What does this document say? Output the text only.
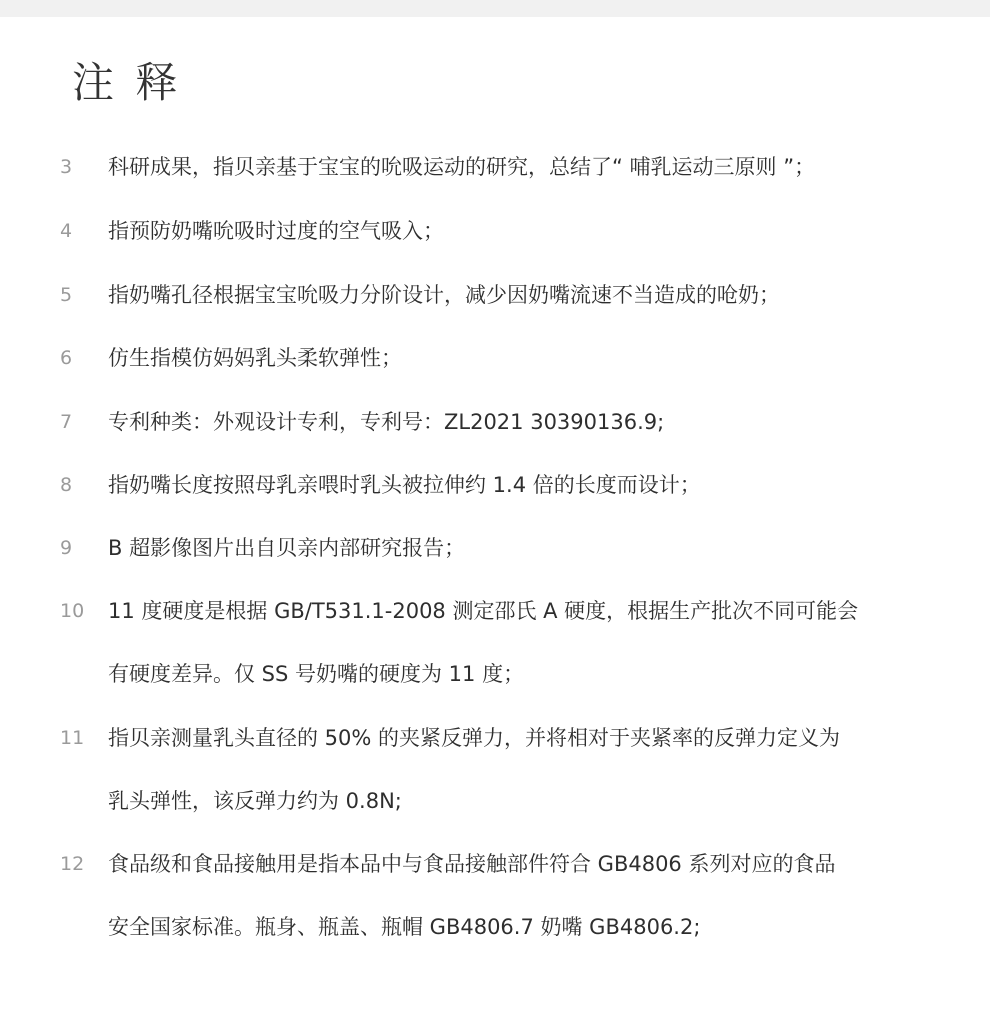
注 释
3	科研成果，指贝亲基于宝宝的吮吸运动的研究，总结了“ 哺乳运动三原则 ”；
4	指预防奶嘴吮吸时过度的空气吸入；
5	指奶嘴孔径根据宝宝吮吸力分阶设计，减少因奶嘴流速不当造成的呛奶；
6	仿生指模仿妈妈乳头柔软弹性；
7	专利种类：外观设计专利，专利号：ZL2021 30390136.9;
8	指奶嘴长度按照母乳亲喂时乳头被拉伸约 1.4 倍的长度而设计；
9	B 超影像图片出自贝亲内部研究报告；
10	11 度硬度是根据 GB/T531.1-2008 测定邵氏 A 硬度，根据生产批次不同可能会
有硬度差异。仅 SS 号奶嘴的硬度为 11 度；
11	指贝亲测量乳头直径的 50% 的夹紧反弹力，并将相对于夹紧率的反弹力定义为
乳头弹性，该反弹力约为 0.8N;
12	食品级和食品接触用是指本品中与食品接触部件符合 GB4806 系列对应的食品
安全国家标准。瓶身、瓶盖、瓶帽 GB4806.7 奶嘴 GB4806.2;
